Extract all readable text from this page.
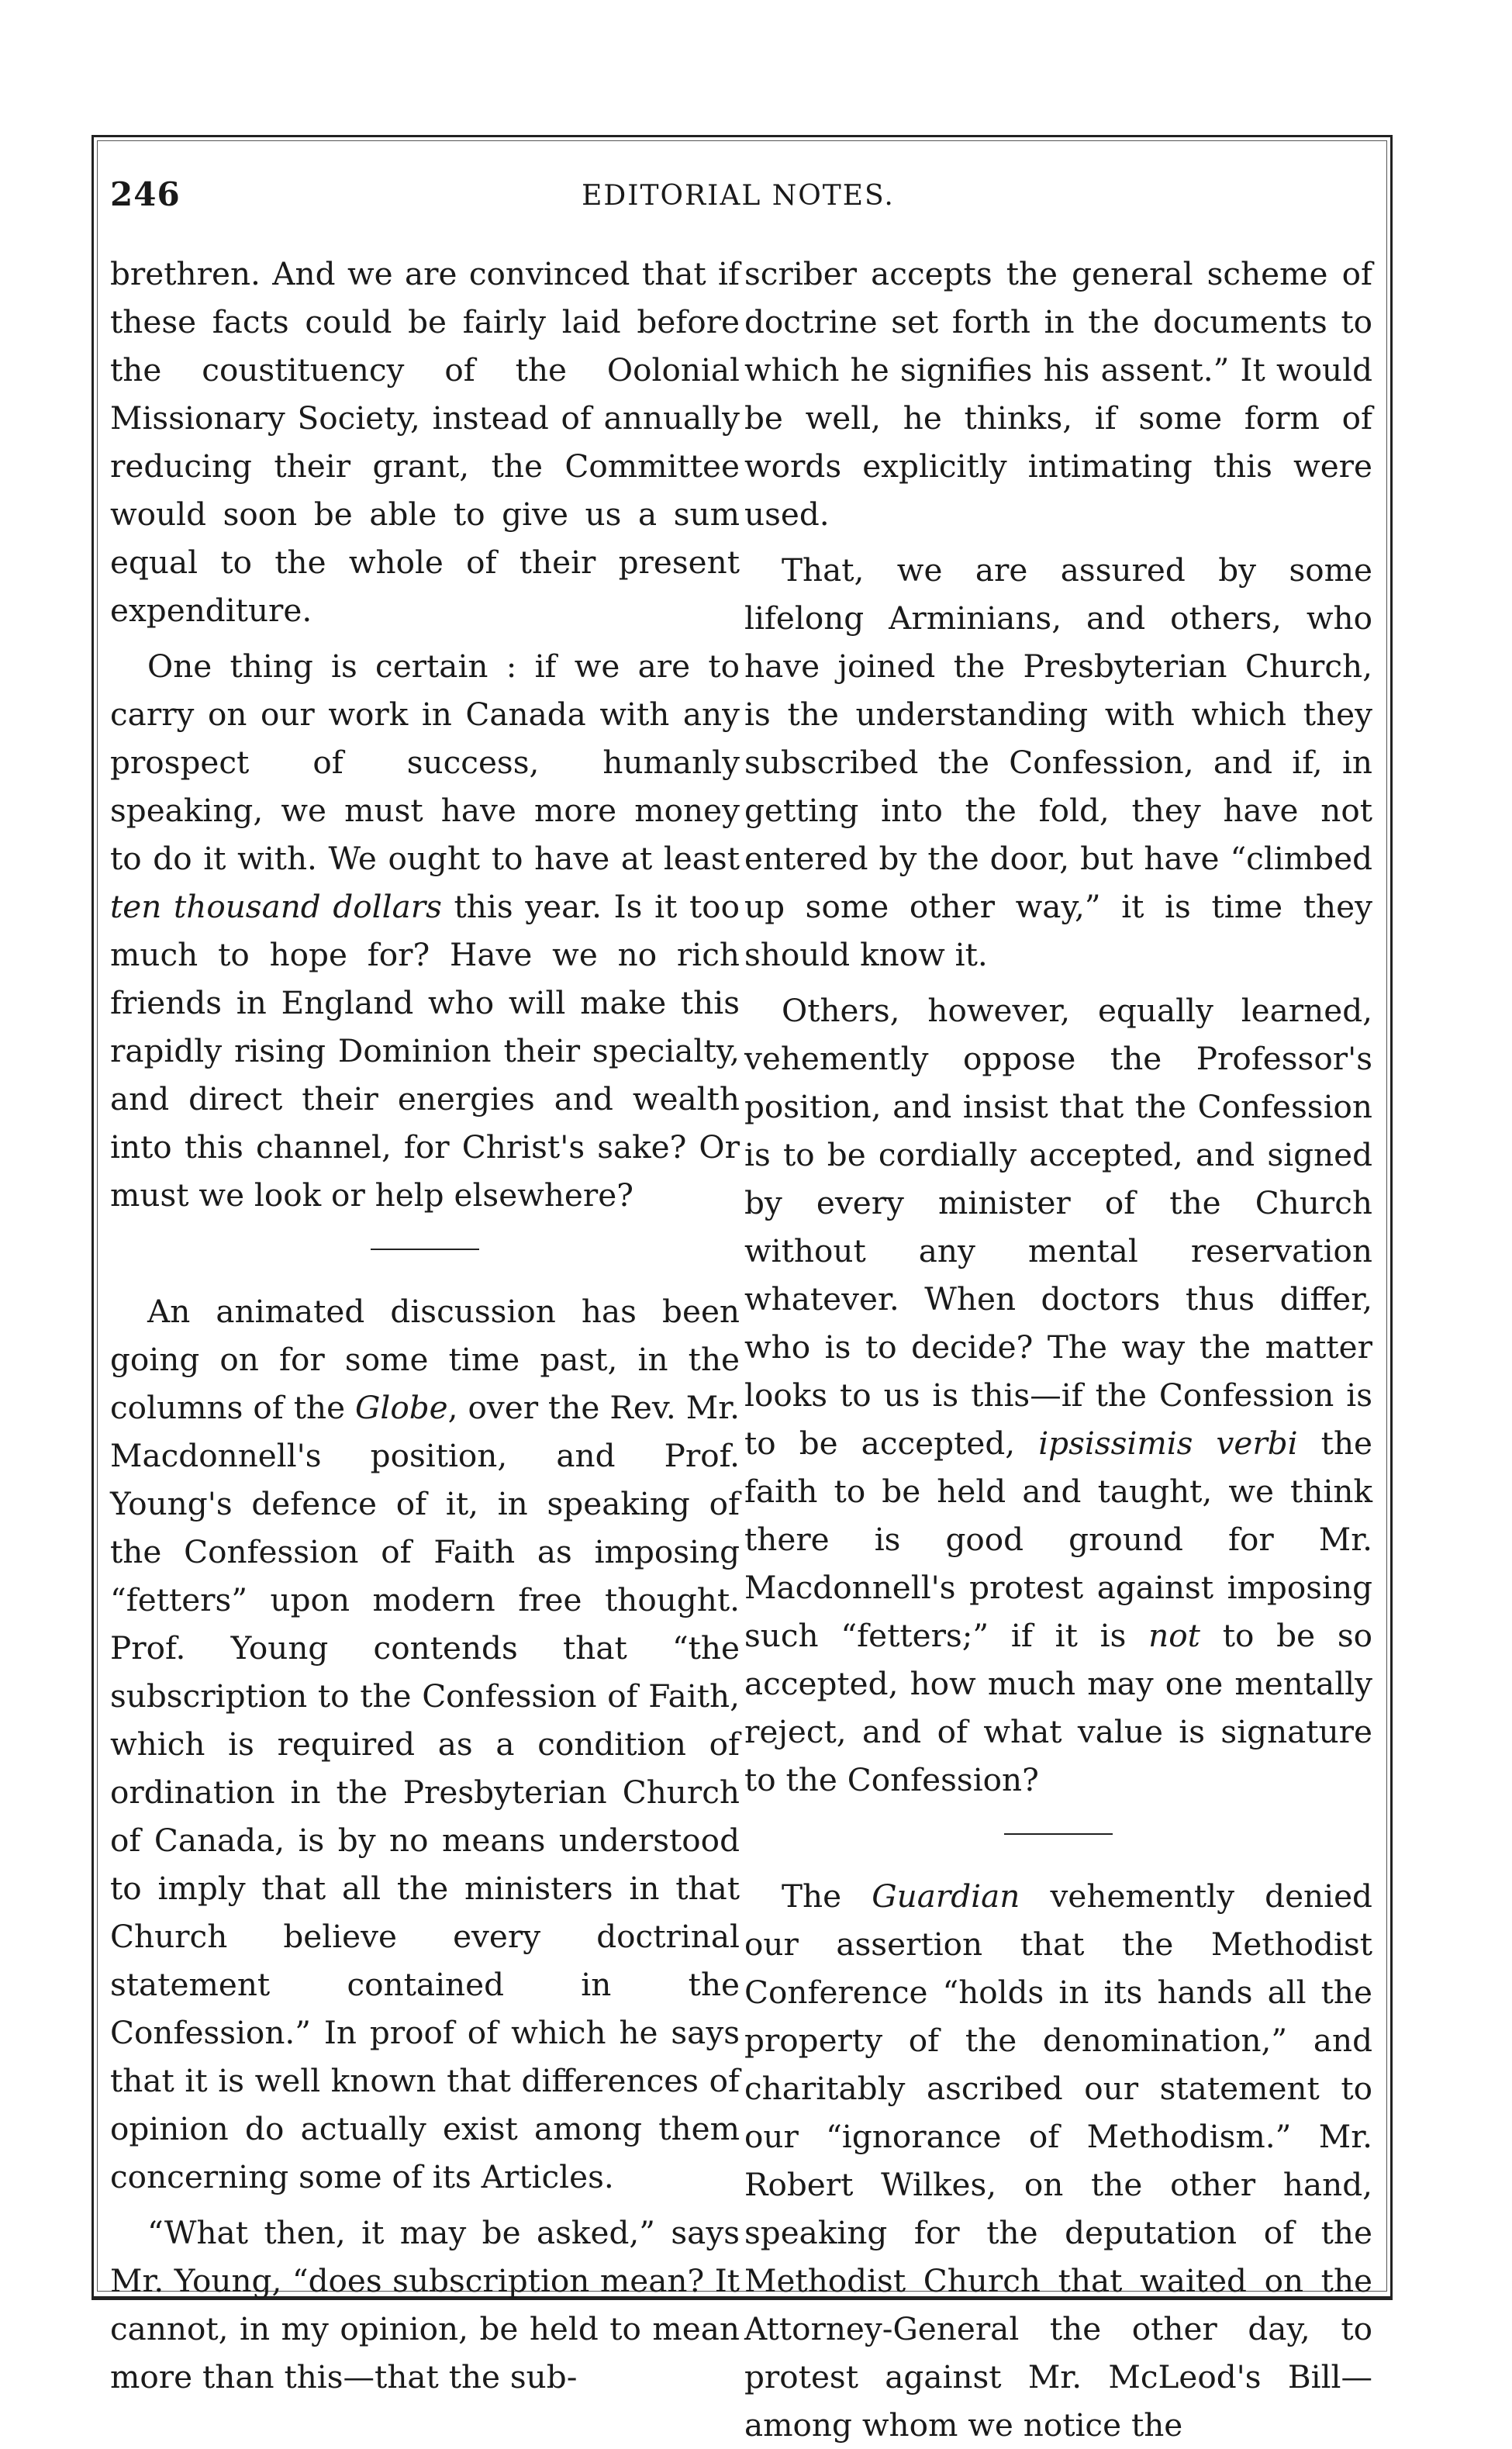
246	EDITORIAL NOTES.

brethren. And we are convinced that if these facts could be fairly laid before the coustituency of the Oolonial Missionary Society, instead of annually reducing their grant, the Committee would soon be able to give us a sum equal to the whole of their present expenditure.

One thing is certain : if we are to carry on our work in Canada with any prospect of success, humanly speaking, we must have more money to do it with. We ought to have at least ten thousand dollars this year. Is it too much to hope for? Have we no rich friends in England who will make this rapidly rising Dominion their specialty, and direct their energies and wealth into this channel, for Christ's sake? Or must we look or help elsewhere?

An animated discussion has been going on for some time past, in the columns of the Globe, over the Rev. Mr. Macdonnell's position, and Prof. Young's defence of it, in speaking of the Confession of Faith as imposing “fetters” upon modern free thought. Prof. Young contends that “the subscription to the Confession of Faith, which is required as a condition of ordination in the Presbyterian Church of Canada, is by no means understood to imply that all the ministers in that Church believe every doctrinal statement contained in the Confession.” In proof of which he says that it is well known that differences of opinion do actually exist among them concerning some of its Articles.

“What then, it may be asked,” says Mr. Young, “does subscription mean? It cannot, in my opinion, be held to mean more than this—that the sub-

scriber accepts the general scheme of doctrine set forth in the documents to which he signifies his assent.” It would be well, he thinks, if some form of words explicitly intimating this were used.

That, we are assured by some lifelong Arminians, and others, who have joined the Presbyterian Church, is the understanding with which they subscribed the Confession, and if, in getting into the fold, they have not entered by the door, but have “climbed up some other way,” it is time they should know it.

Others, however, equally learned, vehemently oppose the Professor's position, and insist that the Confession is to be cordially accepted, and signed by every minister of the Church without any mental reservation whatever. When doctors thus differ, who is to decide? The way the matter looks to us is this—if the Confession is to be accepted, ipsissimis verbi the faith to be held and taught, we think there is good ground for Mr. Macdonnell's protest against imposing such “fetters;” if it is not to be so accepted, how much may one mentally reject, and of what value is signature to the Confession?

The Guardian vehemently denied our assertion that the Methodist Conference “holds in its hands all the property of the denomination,” and charitably ascribed our statement to our “ignorance of Methodism.” Mr. Robert Wilkes, on the other hand, speaking for the deputation of the Methodist Church that waited on the Attorney-General the other day, to protest against Mr. McLeod's Bill—among whom we notice the
